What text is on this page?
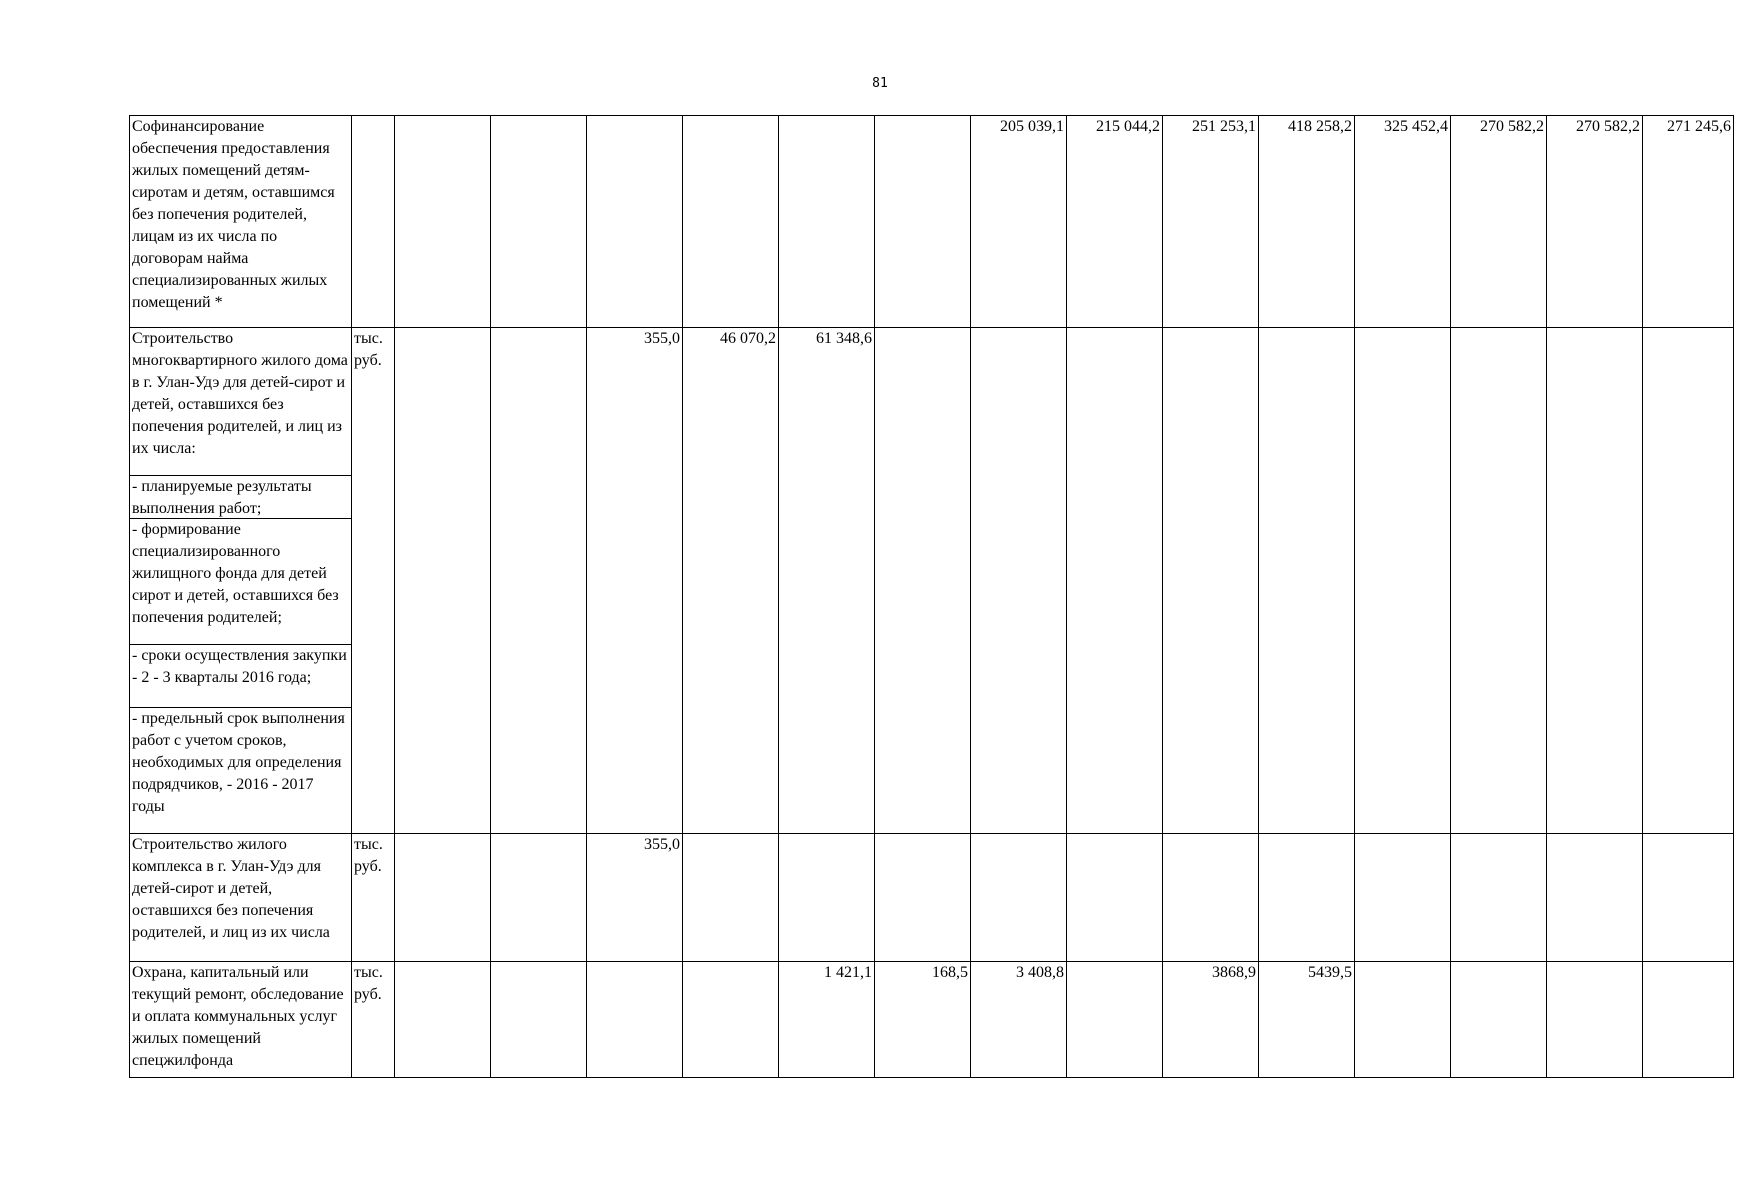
81
Софинансирование обеспечения предоставления жилых помещений детям-сиротам и детям, оставшимся без попечения родителей, лицам из их числа по договорам найма специализированных жилых помещений *								205 039,1	215 044,2	251 253,1	418 258,2	325 452,4	270 582,2	270 582,2	271 245,6

Строительство многоквартирного жилого дома в г. Улан-Удэ для детей-сирот и детей, оставшихся без попечения родителей, и лиц из их числа:	тыс. руб.			355,0	46 070,2	61 348,6									

- планируемые результаты выполнения работ;															

- формирование специализированного жилищного фонда для детей сирот и детей, оставшихся без попечения родителей;															

- сроки осуществления закупки - 2 - 3 кварталы 2016 года;															

- предельный срок выполнения работ с учетом сроков, необходимых для определения подрядчиков, - 2016 - 2017 годы															

Строительство жилого комплекса в г. Улан-Удэ для детей-сирот и детей, оставшихся без попечения родителей, и лиц из их числа	тыс. руб.			355,0											

Охрана, капитальный или текущий ремонт, обследование и оплата коммунальных услуг жилых помещений спецжилфонда	тыс. руб.					1 421,1	168,5	3 408,8		3868,9	5439,5				
